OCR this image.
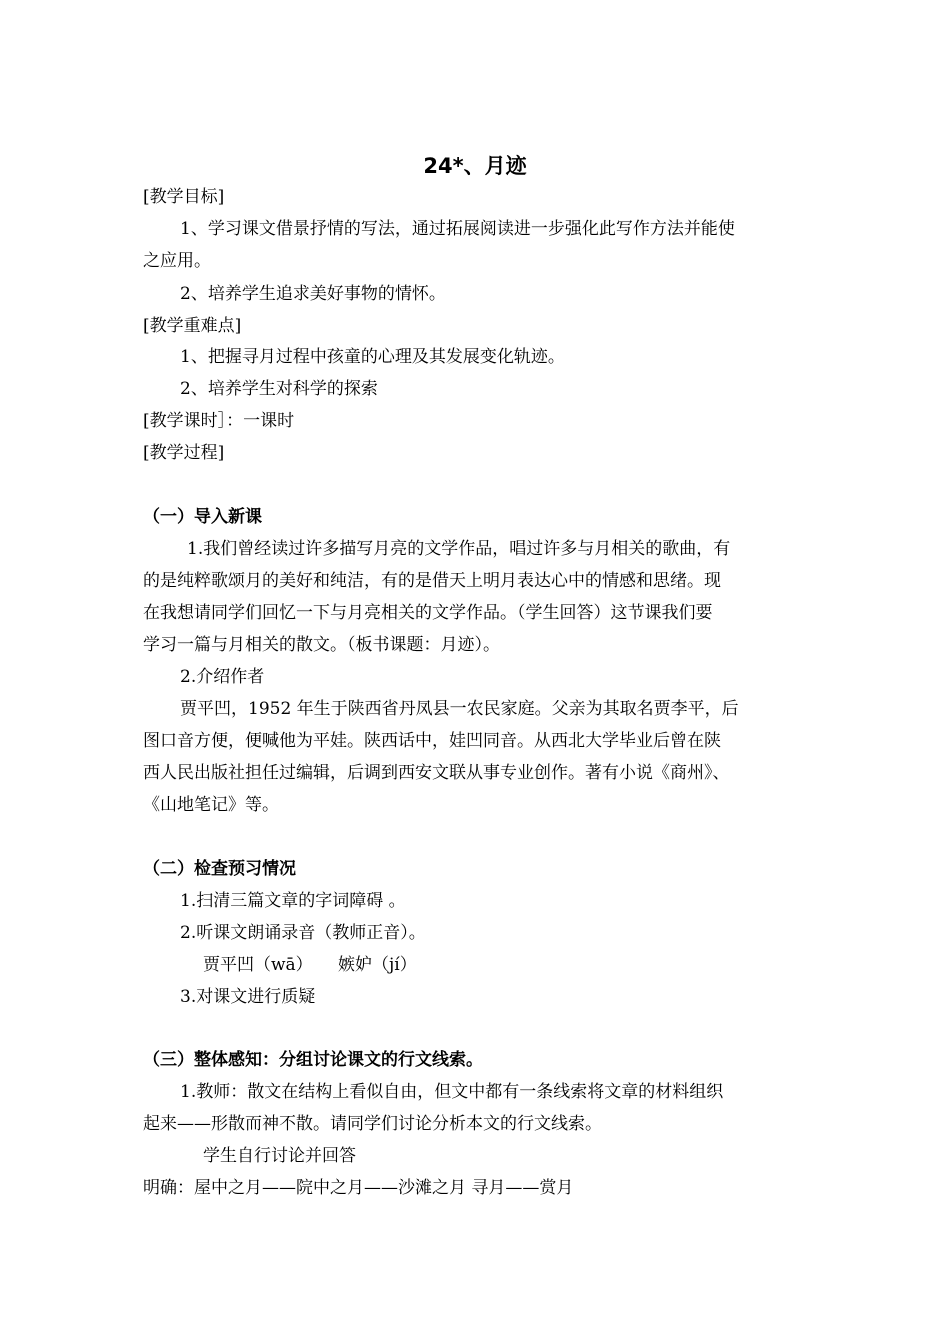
24*、月迹
[教学目标]
1、学习课文借景抒情的写法，通过拓展阅读进一步强化此写作方法并能使
之应用。
2、培养学生追求美好事物的情怀。
[教学重难点]
1、把握寻月过程中孩童的心理及其发展变化轨迹。
2、培养学生对科学的探索
[教学课时］：一课时
[教学过程]
（一）导入新课
1.我们曾经读过许多描写月亮的文学作品，唱过许多与月相关的歌曲，有
的是纯粹歌颂月的美好和纯洁，有的是借天上明月表达心中的情感和思绪。现
在我想请同学们回忆一下与月亮相关的文学作品。（学生回答）这节课我们要
学习一篇与月相关的散文。（板书课题：月迹）。
2.介绍作者
贾平凹，1952 年生于陕西省丹凤县一农民家庭。父亲为其取名贾李平，后
图口音方便，便喊他为平娃。陕西话中，娃凹同音。从西北大学毕业后曾在陕
西人民出版社担任过编辑，后调到西安文联从事专业创作。著有小说《商州》、
《山地笔记》等。
（二）检查预习情况
1.扫清三篇文章的字词障碍 。
2.听课文朗诵录音（教师正音）。
贾平凹（wā） 嫉妒（jí）
3.对课文进行质疑
（三）整体感知：分组讨论课文的行文线索。
1.教师：散文在结构上看似自由，但文中都有一条线索将文章的材料组织
起来——形散而神不散。请同学们讨论分析本文的行文线索。
学生自行讨论并回答
明确：屋中之月——院中之月——沙滩之月 寻月——赏月
